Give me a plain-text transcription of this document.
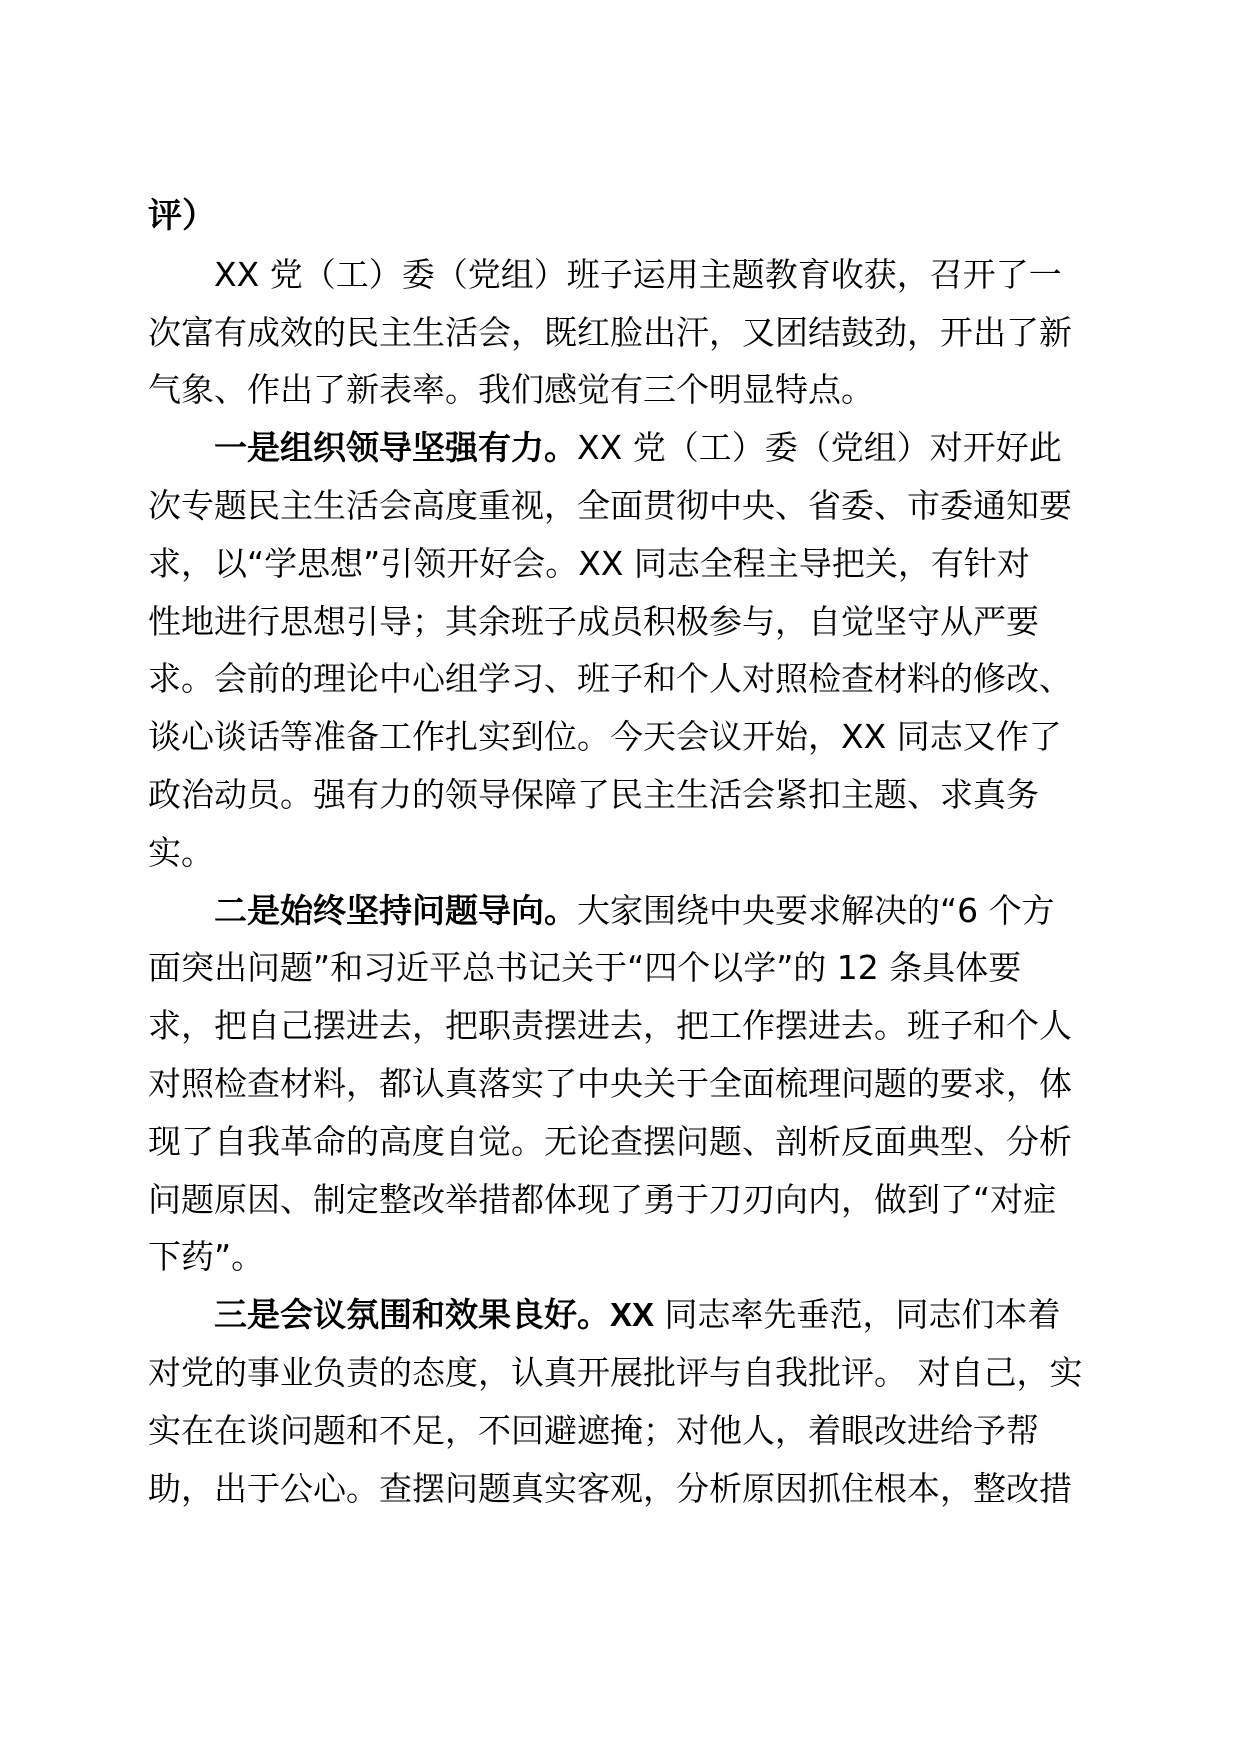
评）
XX 党（工）委（党组）班子运用主题教育收获，召开了一
次富有成效的民主生活会，既红脸出汗，又团结鼓劲，开出了新
气象、作出了新表率。我们感觉有三个明显特点。
一是组织领导坚强有力。XX 党（工）委（党组）对开好此
次专题民主生活会高度重视，全面贯彻中央、省委、市委通知要
求，以“学思想”引领开好会。XX 同志全程主导把关，有针对
性地进行思想引导；其余班子成员积极参与，自觉坚守从严要
求。会前的理论中心组学习、班子和个人对照检查材料的修改、
谈心谈话等准备工作扎实到位。今天会议开始，XX 同志又作了
政治动员。强有力的领导保障了民主生活会紧扣主题、求真务
实。
二是始终坚持问题导向。大家围绕中央要求解决的“6 个方
面突出问题”和习近平总书记关于“四个以学”的 12 条具体要
求，把自己摆进去，把职责摆进去，把工作摆进去。班子和个人
对照检查材料，都认真落实了中央关于全面梳理问题的要求，体
现了自我革命的高度自觉。无论查摆问题、剖析反面典型、分析
问题原因、制定整改举措都体现了勇于刀刃向内，做到了“对症
下药”。
三是会议氛围和效果良好。XX 同志率先垂范，同志们本着
对党的事业负责的态度，认真开展批评与自我批评。 对自己，实
实在在谈问题和不足，不回避遮掩；对他人，着眼改进给予帮
助，出于公心。查摆问题真实客观，分析原因抓住根本，整改措
